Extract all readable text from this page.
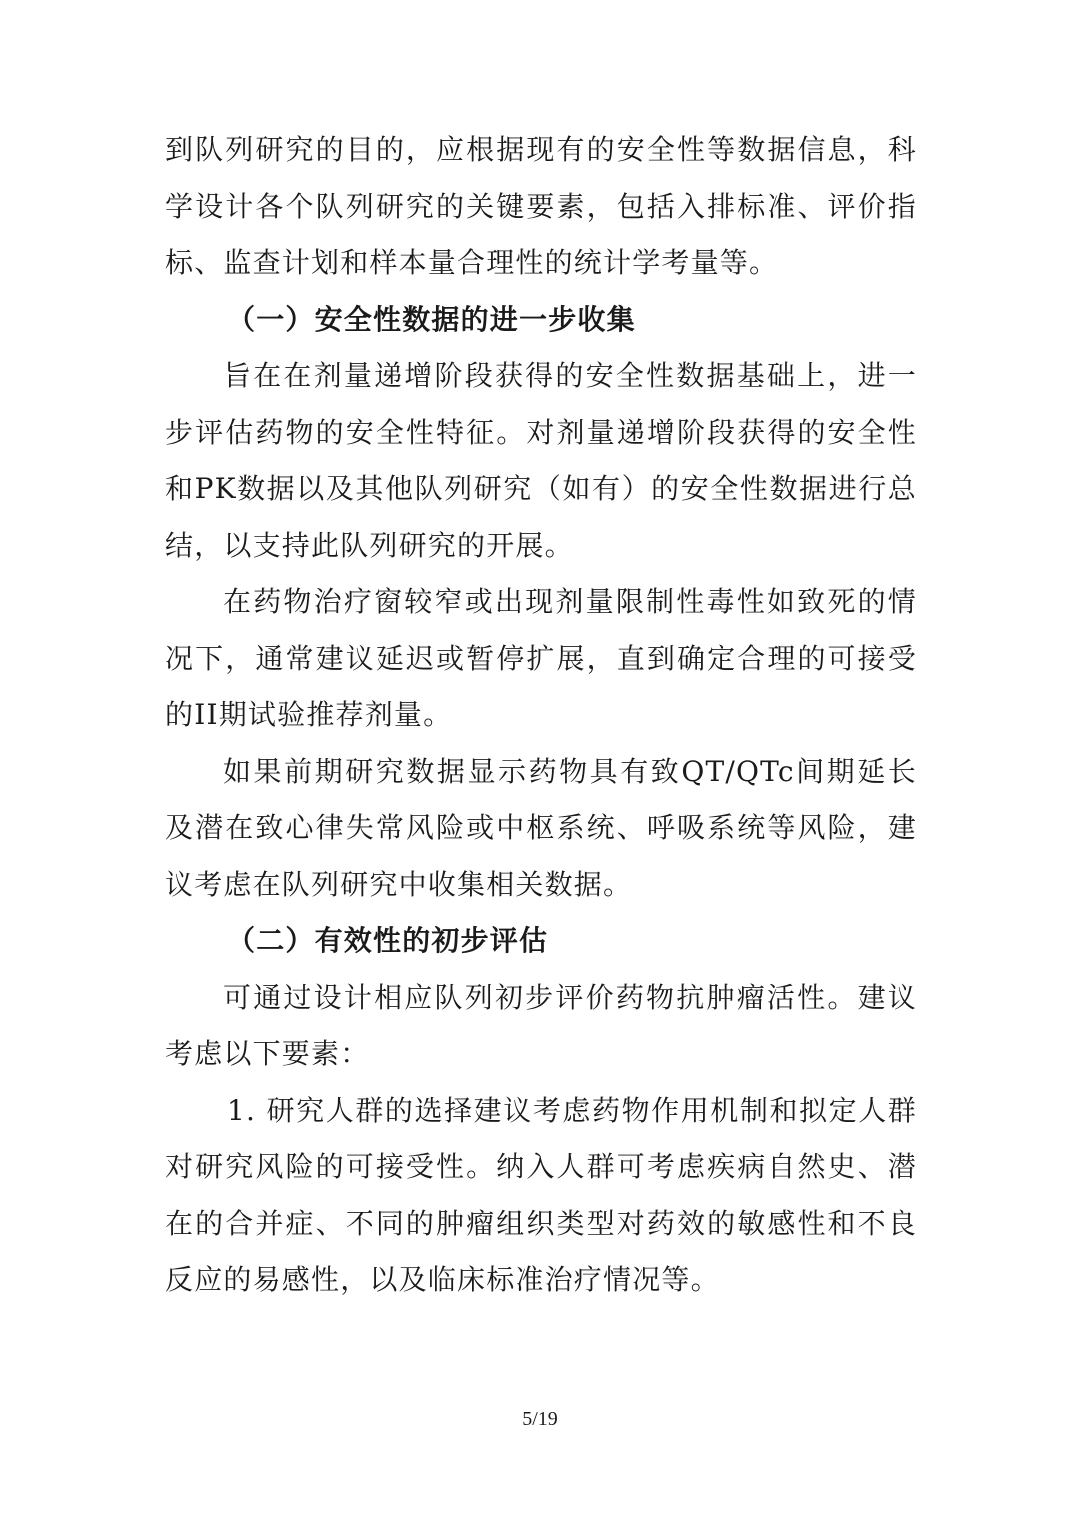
到队列研究的目的，应根据现有的安全性等数据信息，科学设计各个队列研究的关键要素，包括入排标准、评价指标、监查计划和样本量合理性的统计学考量等。

（一）安全性数据的进一步收集

旨在在剂量递增阶段获得的安全性数据基础上，进一步评估药物的安全性特征。对剂量递增阶段获得的安全性和PK数据以及其他队列研究（如有）的安全性数据进行总结，以支持此队列研究的开展。

在药物治疗窗较窄或出现剂量限制性毒性如致死的情况下，通常建议延迟或暂停扩展，直到确定合理的可接受的II期试验推荐剂量。

如果前期研究数据显示药物具有致QT/QTc间期延长及潜在致心律失常风险或中枢系统、呼吸系统等风险，建议考虑在队列研究中收集相关数据。

（二）有效性的初步评估

可通过设计相应队列初步评价药物抗肿瘤活性。建议考虑以下要素：

1. 研究人群的选择建议考虑药物作用机制和拟定人群对研究风险的可接受性。纳入人群可考虑疾病自然史、潜在的合并症、不同的肿瘤组织类型对药效的敏感性和不良反应的易感性，以及临床标准治疗情况等。

5/19
